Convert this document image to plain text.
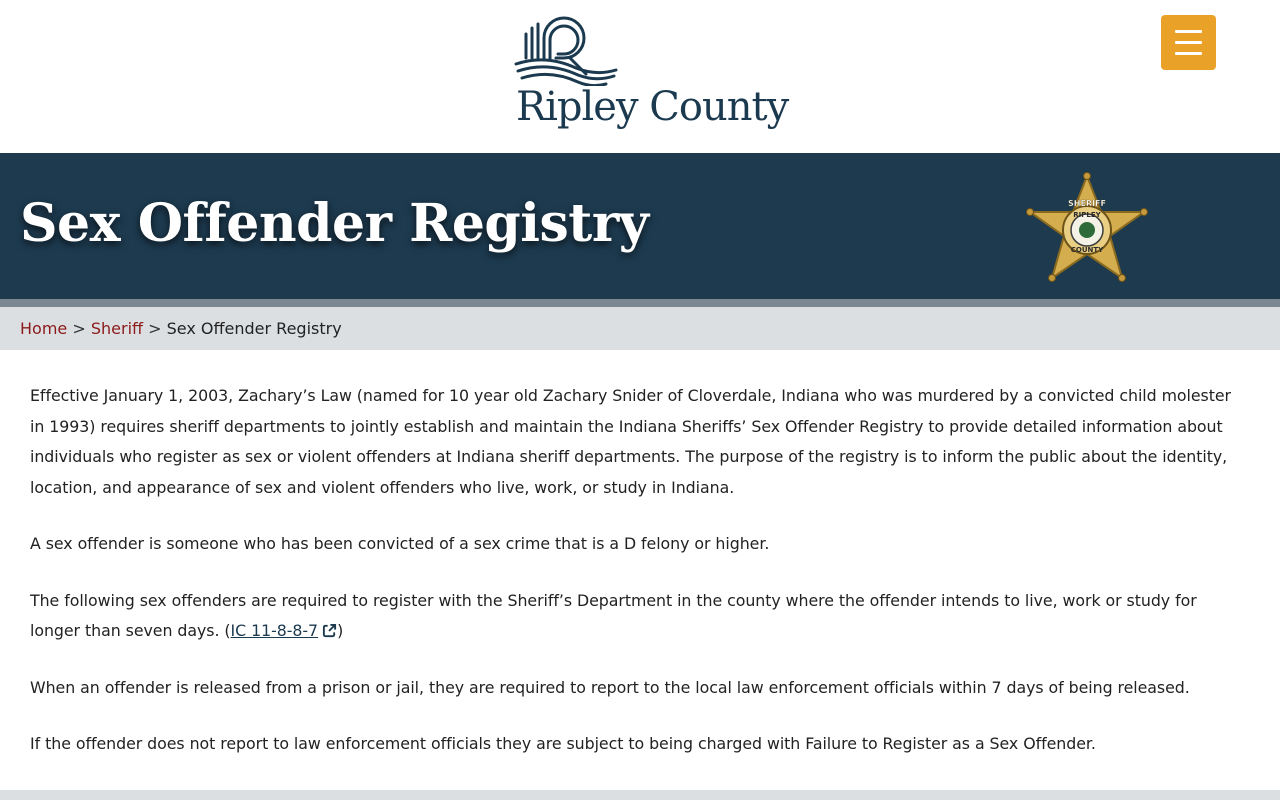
Ripley County
Sex Offender Registry	SHERIFF
RIPLEY
COUNTY
Home > Sheriff > Sex Offender Registry

Effective January 1, 2003, Zachary’s Law (named for 10 year old Zachary Snider of Cloverdale, Indiana who was murdered by a convicted child molester in 1993) requires sheriff departments to jointly establish and maintain the Indiana Sheriffs’ Sex Offender Registry to provide detailed information about individuals who register as sex or violent offenders at Indiana sheriff departments. The purpose of the registry is to inform the public about the identity, location, and appearance of sex and violent offenders who live, work, or study in Indiana.

A sex offender is someone who has been convicted of a sex crime that is a D felony or higher.

The following sex offenders are required to register with the Sheriff’s Department in the county where the offender intends to live, work or study for longer than seven days. (IC 11-8-8-7 )

When an offender is released from a prison or jail, they are required to report to the local law enforcement officials within 7 days of being released.

If the offender does not report to law enforcement officials they are subject to being charged with Failure to Register as a Sex Offender.
